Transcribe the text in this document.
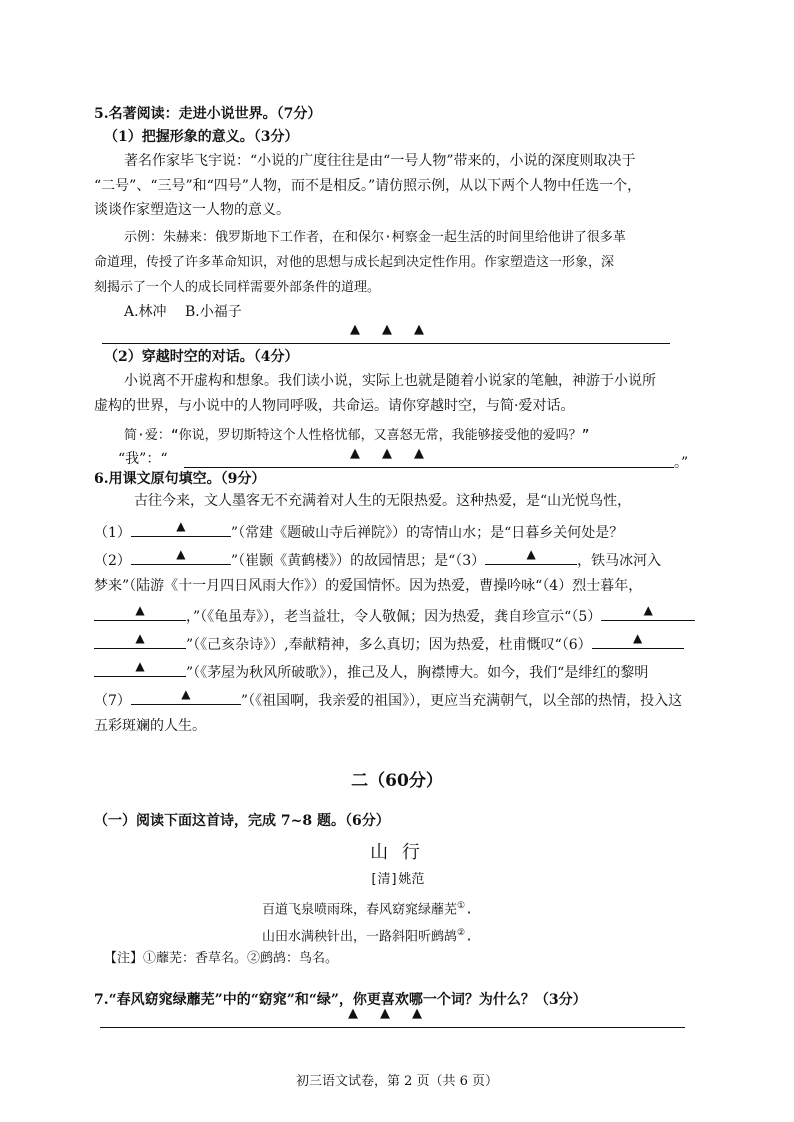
5.名著阅读：走进小说世界。（7分）
（1）把握形象的意义。（3分）
著名作家毕飞宇说：“小说的广度往往是由“一号人物”带来的，小说的深度则取决于
“二号”、“三号”和“四号”人物，而不是相反。”请仿照示例，从以下两个人物中任选一个，
谈谈作家塑造这一人物的意义。
示例：朱赫来：俄罗斯地下工作者，在和保尔·柯察金一起生活的时间里给他讲了很多革
命道理，传授了许多革命知识，对他的思想与成长起到决定性作用。作家塑造这一形象，深
刻揭示了一个人的成长同样需要外部条件的道理。
A.林冲　 B.小福子
▲▲▲
（2）穿越时空的对话。（4分）
小说离不开虚构和想象。我们读小说，实际上也就是随着小说家的笔触，神游于小说所
虚构的世界，与小说中的人物同呼吸，共命运。请你穿越时空，与简·爱对话。
简·爱：“你说，罗切斯特这个人性格忧郁，又喜怒无常，我能够接受他的爱吗？”
“我”：“	▲▲▲
。”
6.用课文原句填空。（9分）
古往今来，文人墨客无不充满着对人生的无限热爱。这种热爱，是“山光悦鸟性，
（1）	▲	”（常建《题破山寺后禅院》）的寄情山水；是“日暮乡关何处是？
（2）	▲	”（崔颢《黄鹤楼》）的故园情思；是“（3）	▲	，铁马冰河入
梦来”（陆游《十一月四日风雨大作》）的爱国情怀。因为热爱，曹操吟咏“（4）烈士暮年，
▲	，”（《龟虽寿》），老当益壮，令人敬佩；因为热爱，龚自珍宣示“（5）	▲
▲	”（《己亥杂诗》）,奉献精神，多么真切；因为热爱，杜甫慨叹“（6）	▲
▲	”（《茅屋为秋风所破歌》），推己及人，胸襟博大。如今，我们“是绯红的黎明
（7）	▲	”（《祖国啊，我亲爱的祖国》），更应当充满朝气，以全部的热情，投入这
五彩斑斓的人生。
二（60分）
（一）阅读下面这首诗，完成 7~8 题。（6分）
山 行
[清]姚范
百道飞泉喷雨珠，春风窈窕绿蘼芜①.
山田水满秧针出，一路斜阳听鹧鸪②.
【注】①蘼芜：香草名。②鹧鸪：鸟名。
7.“春风窈窕绿蘼芜”中的“窈窕”和“绿”，你更喜欢哪一个词？为什么？（3分）
▲▲▲
初三语文试卷，第 2 页（共 6 页）
